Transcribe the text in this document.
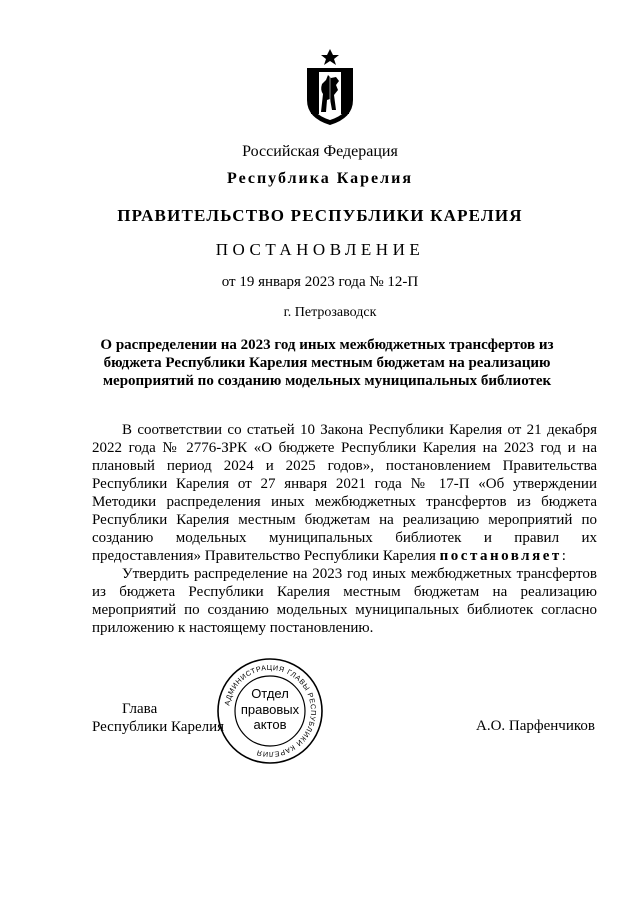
Российская Федерация
Республика Карелия
ПРАВИТЕЛЬСТВО РЕСПУБЛИКИ КАРЕЛИЯ
ПОСТАНОВЛЕНИЕ
от 19 января 2023 года № 12-П
г. Петрозаводск
О распределении на 2023 год иных межбюджетных трансфертов из бюджета Республики Карелия местным бюджетам на реализацию мероприятий по созданию модельных муниципальных библиотек

В соответствии со статьей 10 Закона Республики Карелия от 21 декабря 2022 года № 2776-ЗРК «О бюджете Республики Карелия на 2023 год и на плановый период 2024 и 2025 годов», постановлением Правительства Республики Карелия от 27 января 2021 года № 17-П «Об утверждении Методики распределения иных межбюджетных трансфертов из бюджета Республики Карелия местным бюджетам на реализацию мероприятий по созданию модельных муниципальных библиотек и правил их предоставления» Правительство Республики Карелия постановляет:

Утвердить распределение на 2023 год иных межбюджетных трансфертов из бюджета Республики Карелия местным бюджетам на реализацию мероприятий по созданию модельных муниципальных библиотек согласно приложению к настоящему постановлению.

Глава
Республики Карелия	А.О. Парфенчиков
АДМИНИСТРАЦИЯ ГЛАВЫ РЕСПУБЛИКИ КАРЕЛИЯ
Отдел
правовых
актов
